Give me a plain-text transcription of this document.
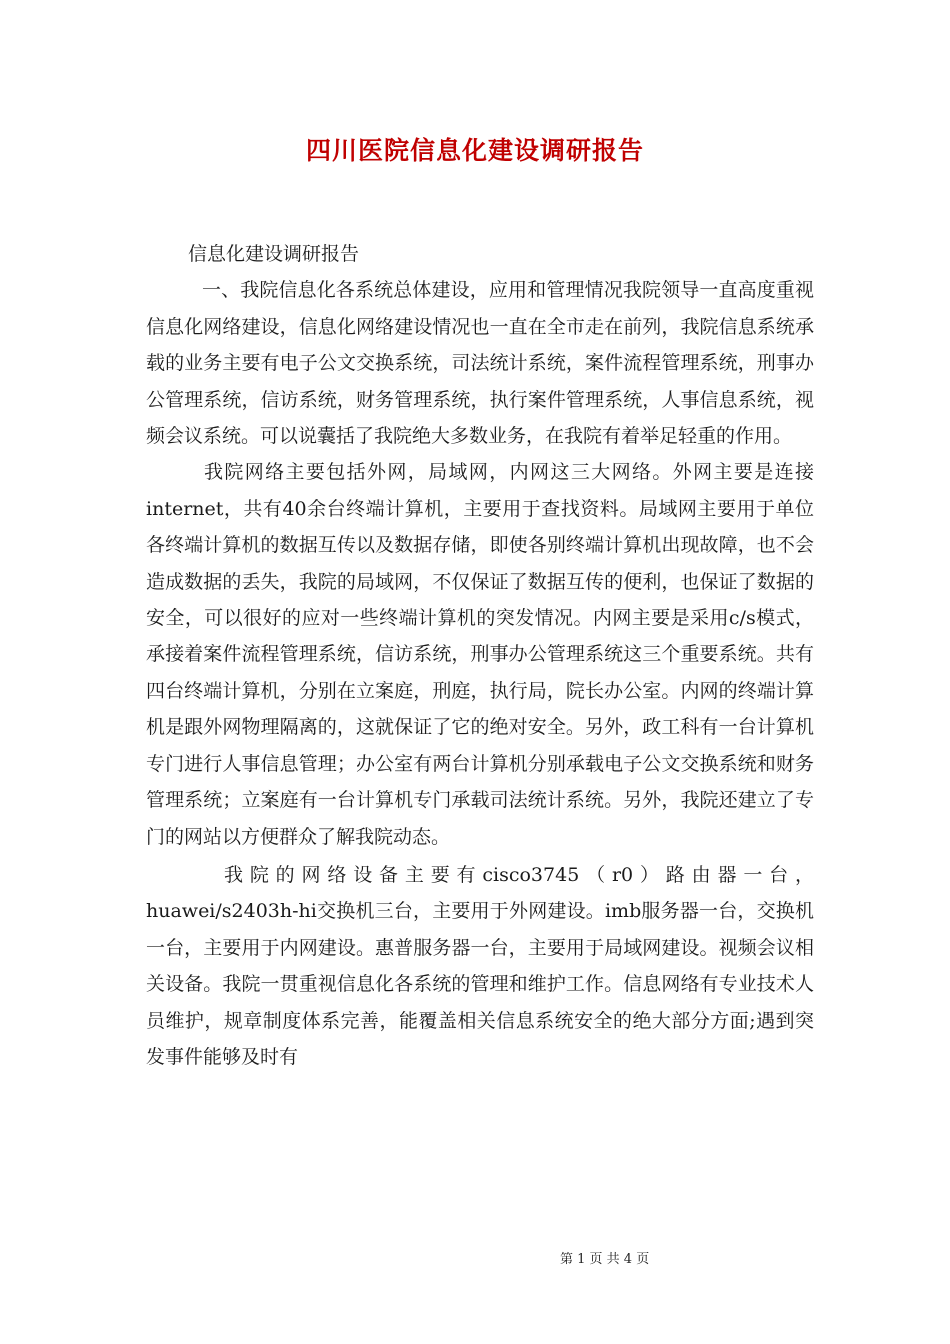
四川医院信息化建设调研报告

信息化建设调研报告

一、我院信息化各系统总体建设，应用和管理情况我院领导一直高度重视信息化网络建设，信息化网络建设情况也一直在全市走在前列，我院信息系统承载的业务主要有电子公文交换系统，司法统计系统，案件流程管理系统，刑事办公管理系统，信访系统，财务管理系统，执行案件管理系统，人事信息系统，视频会议系统。可以说囊括了我院绝大多数业务，在我院有着举足轻重的作用。

我院网络主要包括外网，局域网，内网这三大网络。外网主要是连接internet，共有40余台终端计算机，主要用于查找资料。局域网主要用于单位各终端计算机的数据互传以及数据存储，即使各别终端计算机出现故障，也不会造成数据的丢失，我院的局域网，不仅保证了数据互传的便利，也保证了数据的安全，可以很好的应对一些终端计算机的突发情况。内网主要是采用c/s模式，承接着案件流程管理系统，信访系统，刑事办公管理系统这三个重要系统。共有四台终端计算机，分别在立案庭，刑庭，执行局，院长办公室。内网的终端计算机是跟外网物理隔离的，这就保证了它的绝对安全。另外，政工科有一台计算机专门进行人事信息管理；办公室有两台计算机分别承载电子公文交换系统和财务管理系统；立案庭有一台计算机专门承载司法统计系统。另外，我院还建立了专门的网站以方便群众了解我院动态。

我院的网络设备主要有cisco3745（r0）路由器一台，huawei/s2403h-hi交换机三台，主要用于外网建设。imb服务器一台，交换机一台，主要用于内网建设。惠普服务器一台，主要用于局域网建设。视频会议相关设备。我院一贯重视信息化各系统的管理和维护工作。信息网络有专业技术人员维护，规章制度体系完善，能覆盖相关信息系统安全的绝大部分方面;遇到突发事件能够及时有

第 1 页 共 4 页
